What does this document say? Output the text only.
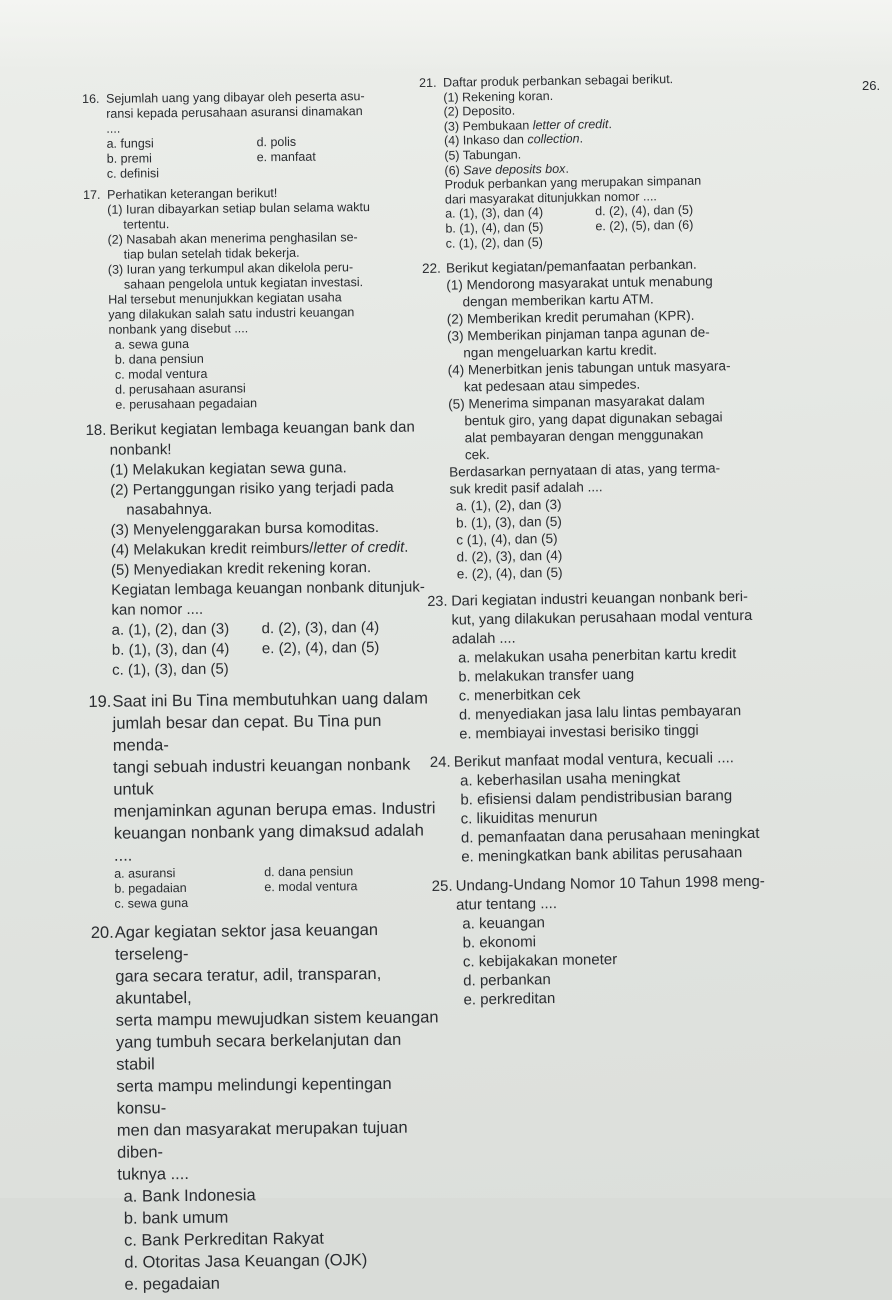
26.
16. Sejumlah uang yang dibayar oleh peserta asu-
ransi kepada perusahaan asuransi dinamakan
....
a. fungsi	d. polis
b. premi	e. manfaat
c. definisi
17. Perhatikan keterangan berikut!
(1) Iuran dibayarkan setiap bulan selama waktu
tertentu.
(2) Nasabah akan menerima penghasilan se-
tiap bulan setelah tidak bekerja.
(3) Iuran yang terkumpul akan dikelola peru-
sahaan pengelola untuk kegiatan investasi.
Hal tersebut menunjukkan kegiatan usaha
yang dilakukan salah satu industri keuangan
nonbank yang disebut ....
a. sewa guna
b. dana pensiun
c. modal ventura
d. perusahaan asuransi
e. perusahaan pegadaian
18. Berikut kegiatan lembaga keuangan bank dan
nonbank!
(1) Melakukan kegiatan sewa guna.
(2) Pertanggungan risiko yang terjadi pada
nasabahnya.
(3) Menyelenggarakan bursa komoditas.
(4) Melakukan kredit reimburs/letter of credit.
(5) Menyediakan kredit rekening koran.
Kegiatan lembaga keuangan nonbank ditunjuk-
kan nomor ....
a. (1), (2), dan (3)	d. (2), (3), dan (4)
b. (1), (3), dan (4)	e. (2), (4), dan (5)
c. (1), (3), dan (5)
19. Saat ini Bu Tina membutuhkan uang dalam
jumlah besar dan cepat. Bu Tina pun menda-
tangi sebuah industri keuangan nonbank untuk
menjaminkan agunan berupa emas. Industri
keuangan nonbank yang dimaksud adalah ....
a. asuransi	d. dana pensiun
b. pegadaian	e. modal ventura
c. sewa guna
20. Agar kegiatan sektor jasa keuangan terseleng-
gara secara teratur, adil, transparan, akuntabel,
serta mampu mewujudkan sistem keuangan
yang tumbuh secara berkelanjutan dan stabil
serta mampu melindungi kepentingan konsu-
men dan masyarakat merupakan tujuan diben-
tuknya ....
a. Bank Indonesia
b. bank umum
c. Bank Perkreditan Rakyat
d. Otoritas Jasa Keuangan (OJK)
e. pegadaian
21. Daftar produk perbankan sebagai berikut.
(1) Rekening koran.
(2) Deposito.
(3) Pembukaan letter of credit.
(4) Inkaso dan collection.
(5) Tabungan.
(6) Save deposits box.
Produk perbankan yang merupakan simpanan
dari masyarakat ditunjukkan nomor ....
a. (1), (3), dan (4)	d. (2), (4), dan (5)
b. (1), (4), dan (5)	e. (2), (5), dan (6)
c. (1), (2), dan (5)
22. Berikut kegiatan/pemanfaatan perbankan.
(1) Mendorong masyarakat untuk menabung
dengan memberikan kartu ATM.
(2) Memberikan kredit perumahan (KPR).
(3) Memberikan pinjaman tanpa agunan de-
ngan mengeluarkan kartu kredit.
(4) Menerbitkan jenis tabungan untuk masyara-
kat pedesaan atau simpedes.
(5) Menerima simpanan masyarakat dalam
bentuk giro, yang dapat digunakan sebagai
alat pembayaran dengan menggunakan
cek.
Berdasarkan pernyataan di atas, yang terma-
suk kredit pasif adalah ....
a. (1), (2), dan (3)
b. (1), (3), dan (5)
c (1), (4), dan (5)
d. (2), (3), dan (4)
e. (2), (4), dan (5)
23. Dari kegiatan industri keuangan nonbank beri-
kut, yang dilakukan perusahaan modal ventura
adalah ....
a. melakukan usaha penerbitan kartu kredit
b. melakukan transfer uang
c. menerbitkan cek
d. menyediakan jasa lalu lintas pembayaran
e. membiayai investasi berisiko tinggi
24. Berikut manfaat modal ventura, kecuali ....
a. keberhasilan usaha meningkat
b. efisiensi dalam pendistribusian barang
c. likuiditas menurun
d. pemanfaatan dana perusahaan meningkat
e. meningkatkan bank abilitas perusahaan
25. Undang-Undang Nomor 10 Tahun 1998 meng-
atur tentang ....
a. keuangan
b. ekonomi
c. kebijakakan moneter
d. perbankan
e. perkreditan
